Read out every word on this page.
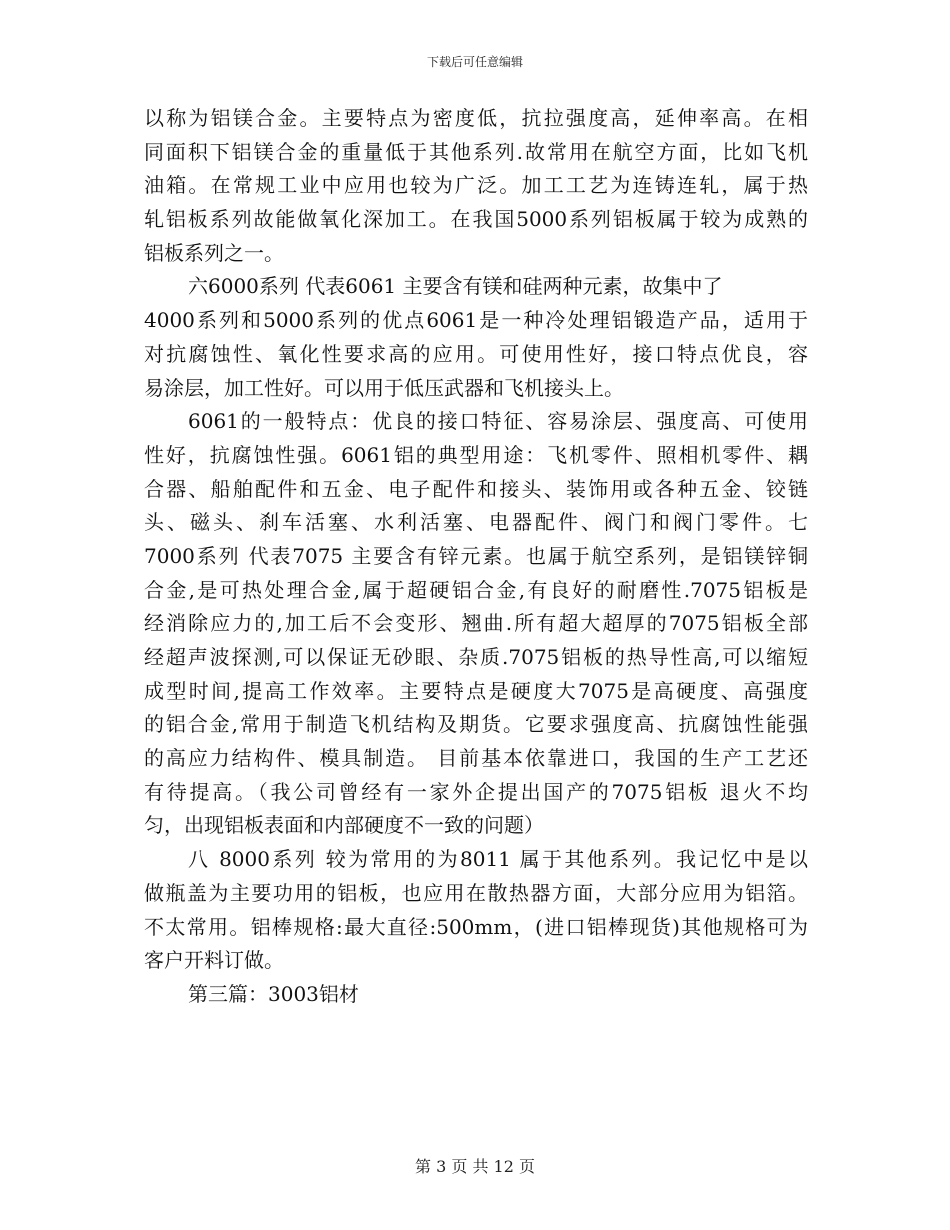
下载后可任意编辑
以称为铝镁合金。主要特点为密度低，抗拉强度高，延伸率高。在相
同面积下铝镁合金的重量低于其他系列.故常用在航空方面，比如飞机
油箱。在常规工业中应用也较为广泛。加工工艺为连铸连轧，属于热
轧铝板系列故能做氧化深加工。在我国5000系列铝板属于较为成熟的
铝板系列之一。
六6000系列 代表6061 主要含有镁和硅两种元素，故集中了
4000系列和5000系列的优点6061是一种冷处理铝锻造产品，适用于
对抗腐蚀性、氧化性要求高的应用。可使用性好，接口特点优良，容
易涂层，加工性好。可以用于低压武器和飞机接头上。
6061的一般特点：优良的接口特征、容易涂层、强度高、可使用
性好，抗腐蚀性强。6061铝的典型用途：飞机零件、照相机零件、耦
合器、船舶配件和五金、电子配件和接头、装饰用或各种五金、铰链
头、磁头、刹车活塞、水利活塞、电器配件、阀门和阀门零件。七
7000系列 代表7075 主要含有锌元素。也属于航空系列，是铝镁锌铜
合金,是可热处理合金,属于超硬铝合金,有良好的耐磨性.7075铝板是
经消除应力的,加工后不会变形、翘曲.所有超大超厚的7075铝板全部
经超声波探测,可以保证无砂眼、杂质.7075铝板的热导性高,可以缩短
成型时间,提高工作效率。主要特点是硬度大7075是高硬度、高强度
的铝合金,常用于制造飞机结构及期货。它要求强度高、抗腐蚀性能强
的高应力结构件、模具制造。 目前基本依靠进口，我国的生产工艺还
有待提高。（我公司曾经有一家外企提出国产的7075铝板 退火不均
匀，出现铝板表面和内部硬度不一致的问题）
八 8000系列 较为常用的为8011 属于其他系列。我记忆中是以
做瓶盖为主要功用的铝板，也应用在散热器方面，大部分应用为铝箔。
不太常用。铝棒规格:最大直径:500mm，(进口铝棒现货)其他规格可为
客户开料订做。
第三篇：3003铝材
第 3 页 共 12 页
